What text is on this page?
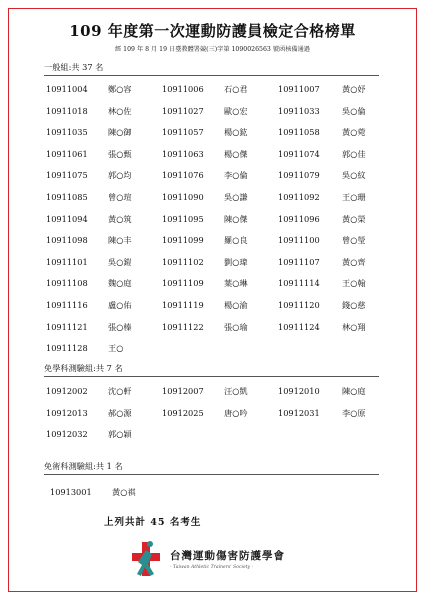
109 年度第一次運動防護員檢定合格榜單
經 109 年 8 月 19 日臺教體署競(三)字第 1090026563 號函核備通過
一般組:共 37 名
10911004 鄭○容	10911006 石○君	10911007	黃○妤
10911018 林○佐	10911027 歐○宏	10911033	吳○倫
10911035 陳○御	10911057 楊○鈜	10911058	黃○菀
10911061 張○甄	10911063 楊○傑	10911074	郭○佳
10911075 郭○均	10911076 李○倫	10911079	吳○紋
10911085 曾○瑄	10911090 吳○謙	10911092	王○珊
10911094 黃○筑	10911095 陳○傑	10911096	黃○榮
10911098 陳○丰	10911099 羅○良	10911100	曾○瑩
10911101 吳○鎧	10911102 劉○瑋	10911107	黃○齊
10911108 魏○庭	10911109 葉○琳	10911114	王○翰
10911116 盧○佑	10911119 楊○渝	10911120	錢○慈
10911121 張○榛	10911122 張○瑜	10911124	林○翔
10911128 王○
免學科測驗組:共 7 名
10912002 沈○軒	10912007 汪○凱	10912010	陳○庭
10912013 郝○源	10912025 唐○吟	10912031	李○原
10912032 郭○穎
免術科測驗組:共 1 名
10913001 黃○祺
上列共計 45 名考生
TATS
台灣運動傷害防護學會
- Taiwan Athletic Trainers' Society -
